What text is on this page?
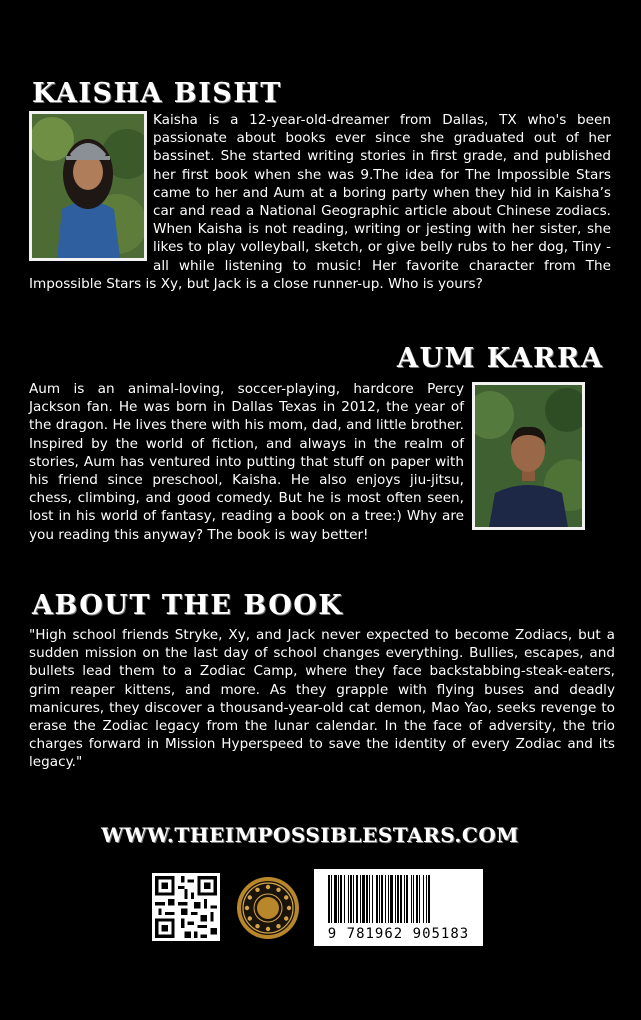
KAISHA BISHT
Kaisha is a 12-year-old-dreamer from Dallas, TX who's been passionate about books ever since she graduated out of her bassinet. She started writing stories in first grade, and published her first book when she was 9.The idea for The Impossible Stars came to her and Aum at a boring party when they hid in Kaisha’s car and read a National Geographic article about Chinese zodiacs. When Kaisha is not reading, writing or jesting with her sister, she likes to play volleyball, sketch, or give belly rubs to her dog, Tiny - all while listening to music! Her favorite character from The Impossible Stars is Xy, but Jack is a close runner-up. Who is yours?
AUM KARRA
Aum is an animal-loving, soccer-playing, hardcore Percy Jackson fan. He was born in Dallas Texas in 2012, the year of the dragon. He lives there with his mom, dad, and little brother. Inspired by the world of fiction, and always in the realm of stories, Aum has ventured into putting that stuff on paper with his friend since preschool, Kaisha. He also enjoys jiu-jitsu, chess, climbing, and good comedy. But he is most often seen, lost in his world of fantasy, reading a book on a tree:) Why are you reading this anyway? The book is way better!
ABOUT THE BOOK

"High school friends Stryke, Xy, and Jack never expected to become Zodiacs, but a sudden mission on the last day of school changes everything. Bullies, escapes, and bullets lead them to a Zodiac Camp, where they face backstabbing-steak-eaters, grim reaper kittens, and more. As they grapple with flying buses and deadly manicures, they discover a thousand-year-old cat demon, Mao Yao, seeks revenge to erase the Zodiac legacy from the lunar calendar. In the face of adversity, the trio charges forward in Mission Hyperspeed to save the identity of every Zodiac and its legacy."

WWW.THEIMPOSSIBLESTARS.COM
9 781962 905183
